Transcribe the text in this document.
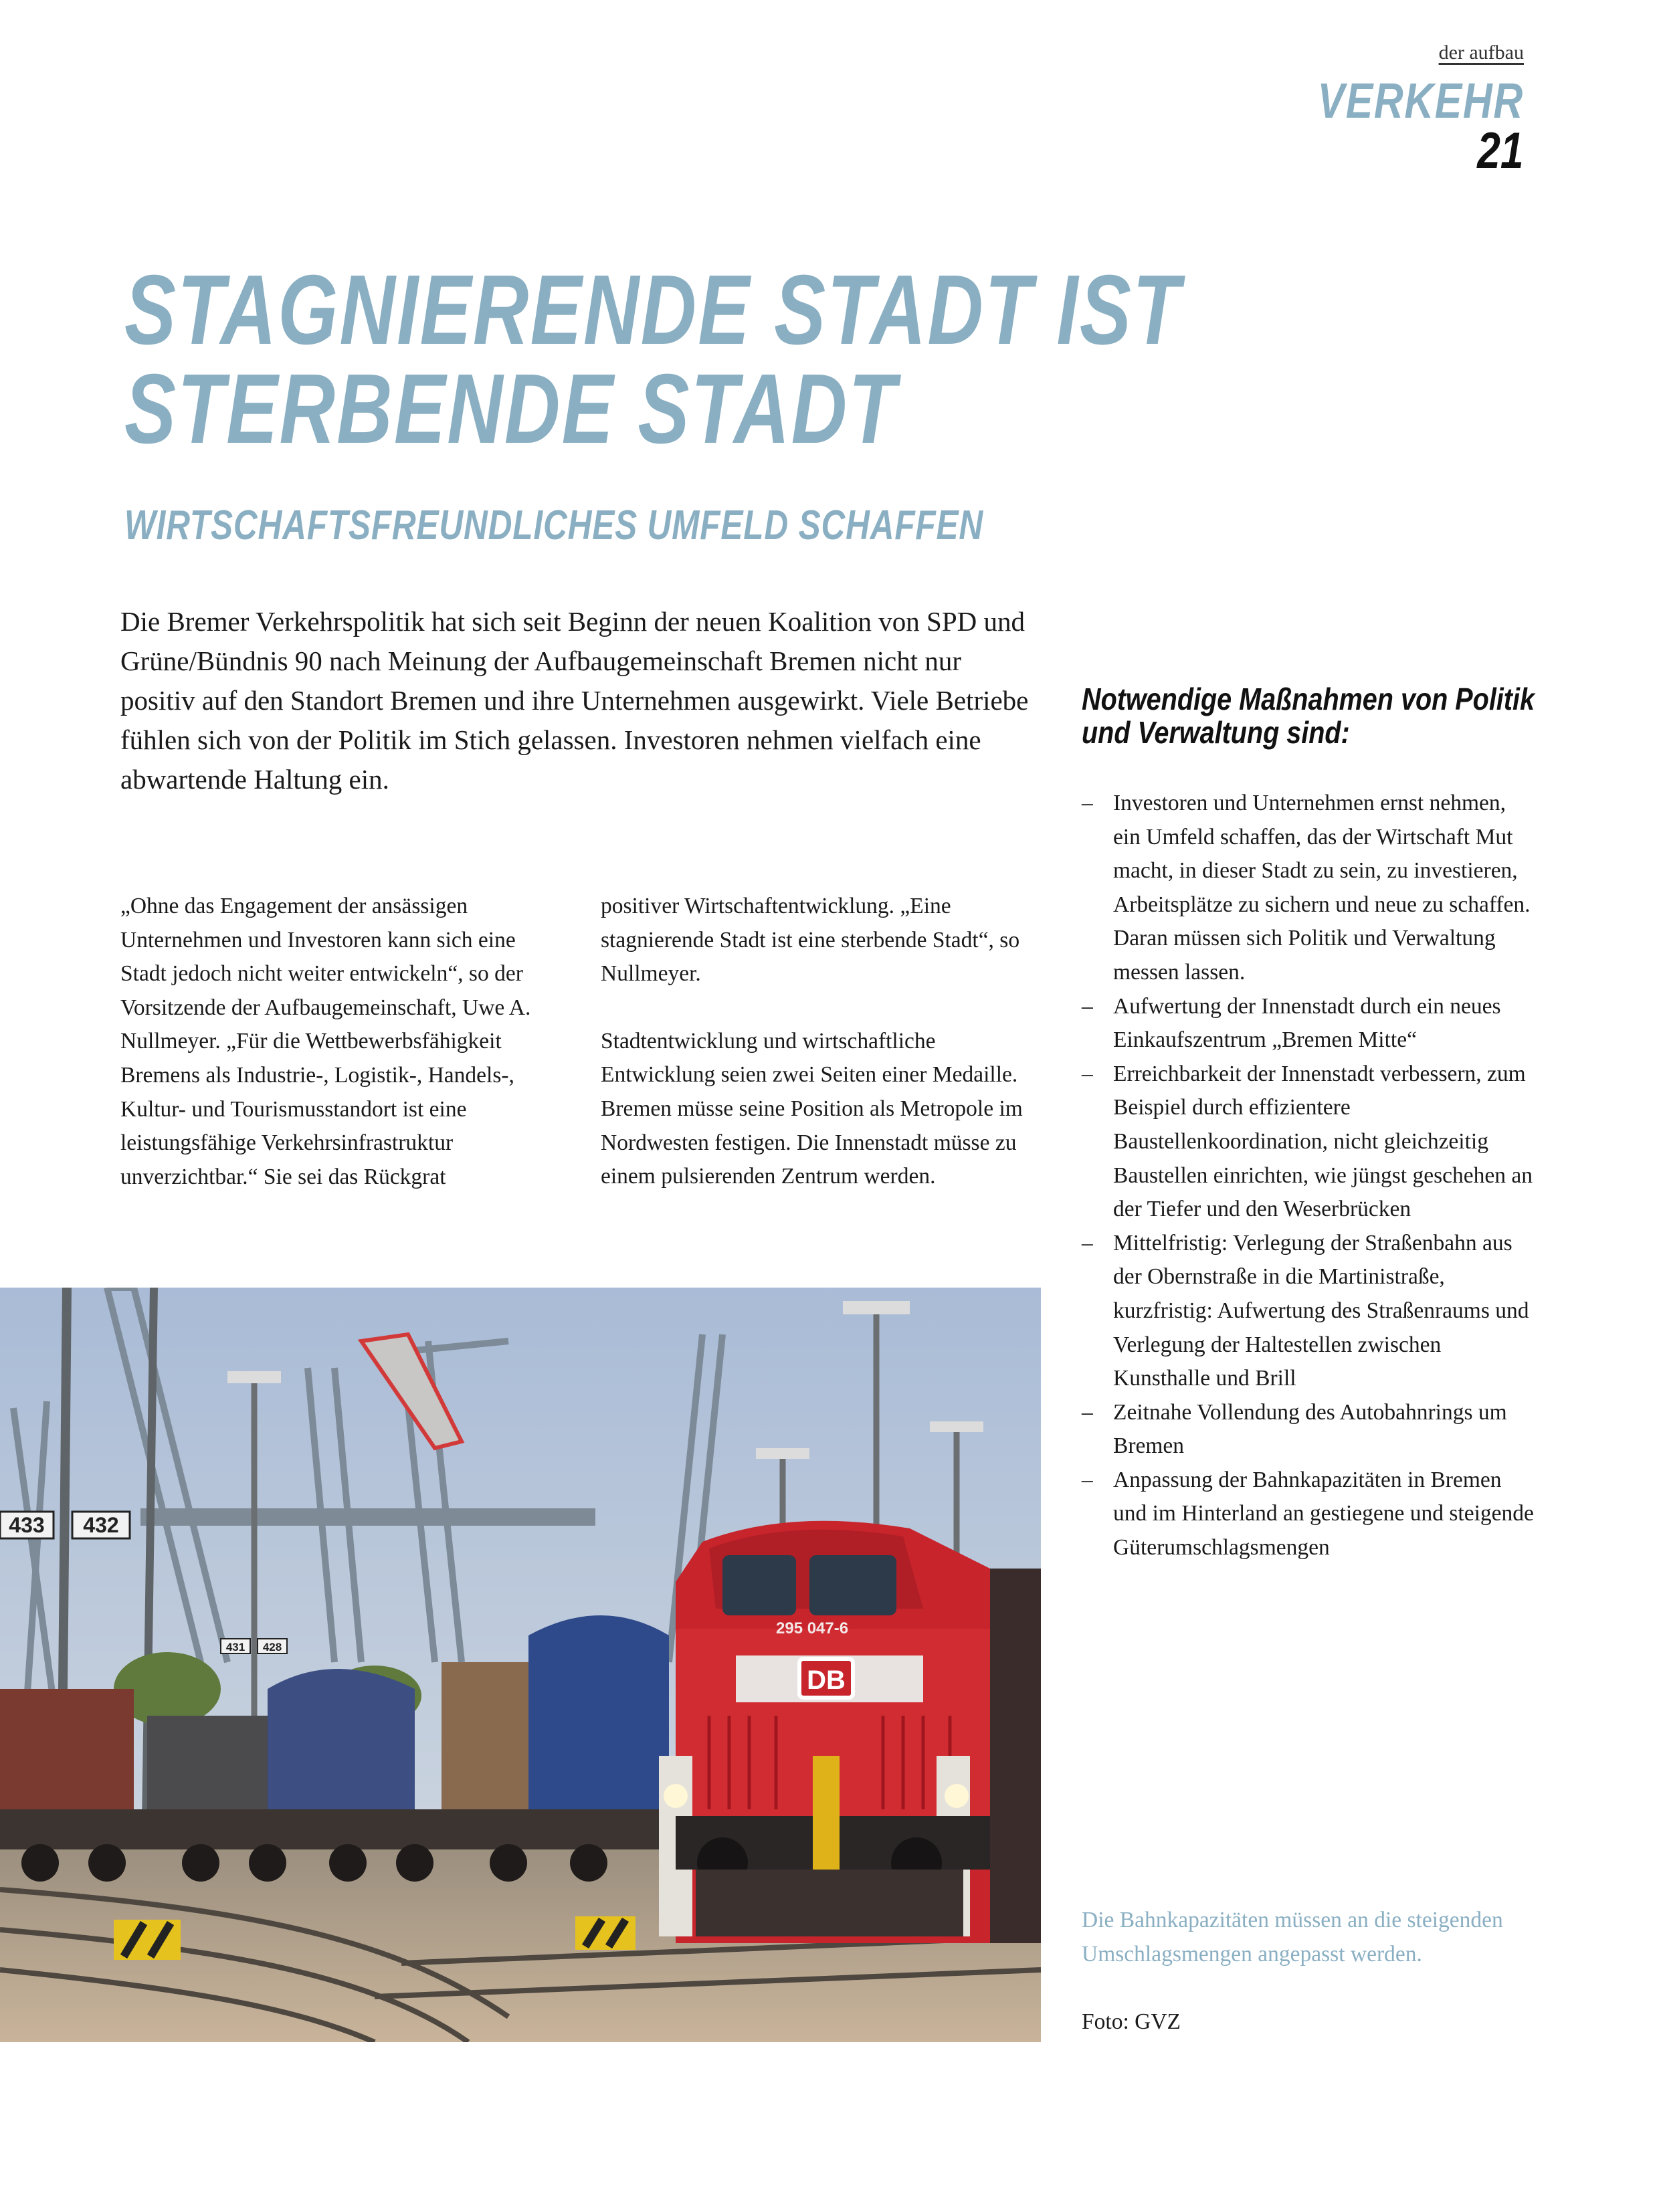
der aufbau
VERKEHR
21
STAGNIERENDE STADT IST
STERBENDE STADT
WIRTSCHAFTSFREUNDLICHES UMFELD SCHAFFEN
Die Bremer Verkehrspolitik hat sich seit Beginn der neuen Koalition von SPD und Grüne/Bündnis 90 nach Meinung der Aufbaugemeinschaft Bremen nicht nur positiv auf den Standort Bremen und ihre Unternehmen ausgewirkt. Viele Betriebe fühlen sich von der Politik im Stich gelassen. Investoren nehmen vielfach eine abwartende Haltung ein.

„Ohne das Engagement der ansässigen Unternehmen und Investoren kann sich eine Stadt jedoch nicht weiter entwickeln“, so der Vorsitzende der Aufbaugemeinschaft, Uwe A. Nullmeyer. „Für die Wettbewerbsfähigkeit Bremens als Industrie-, Logistik-, Handels-, Kultur- und Tourismusstandort ist eine leistungsfähige Verkehrsinfrastruktur unverzichtbar.“ Sie sei das Rückgrat

positiver Wirtschaftentwicklung. „Eine stagnierende Stadt ist eine sterbende Stadt“, so Nullmeyer.

Stadtentwicklung und wirtschaftliche Entwicklung seien zwei Seiten einer Medaille. Bremen müsse seine Position als Metropole im Nordwesten festigen. Die Innenstadt müsse zu einem pulsierenden Zentrum werden.

Notwendige Maßnahmen von Politik
und Verwaltung sind:
– Investoren und Unternehmen ernst nehmen, ein Umfeld schaffen, das der Wirtschaft Mut macht, in dieser Stadt zu sein, zu investieren, Arbeitsplätze zu sichern und neue zu schaffen. Daran müssen sich Politik und Verwaltung messen lassen.
– Aufwertung der Innenstadt durch ein neues Einkaufszentrum „Bremen Mitte“
– Erreichbarkeit der Innenstadt verbessern, zum Beispiel durch effizientere Baustellenkoordination, nicht gleichzeitig Baustellen einrichten, wie jüngst geschehen an der Tiefer und den Weserbrücken
– Mittelfristig: Verlegung der Straßenbahn aus der Obernstraße in die Martinistraße, kurzfristig: Aufwertung des Straßenraums und Verlegung der Haltestellen zwischen Kunsthalle und Brill
– Zeitnahe Vollendung des Autobahnrings um Bremen
– Anpassung der Bahnkapazitäten in Bremen und im Hinterland an gestiegene und steigende Güterumschlagsmengen
433 432
431 428
295 047-6
DB
Die Bahnkapazitäten müssen an die steigenden Umschlagsmengen angepasst werden.
Foto: GVZ
